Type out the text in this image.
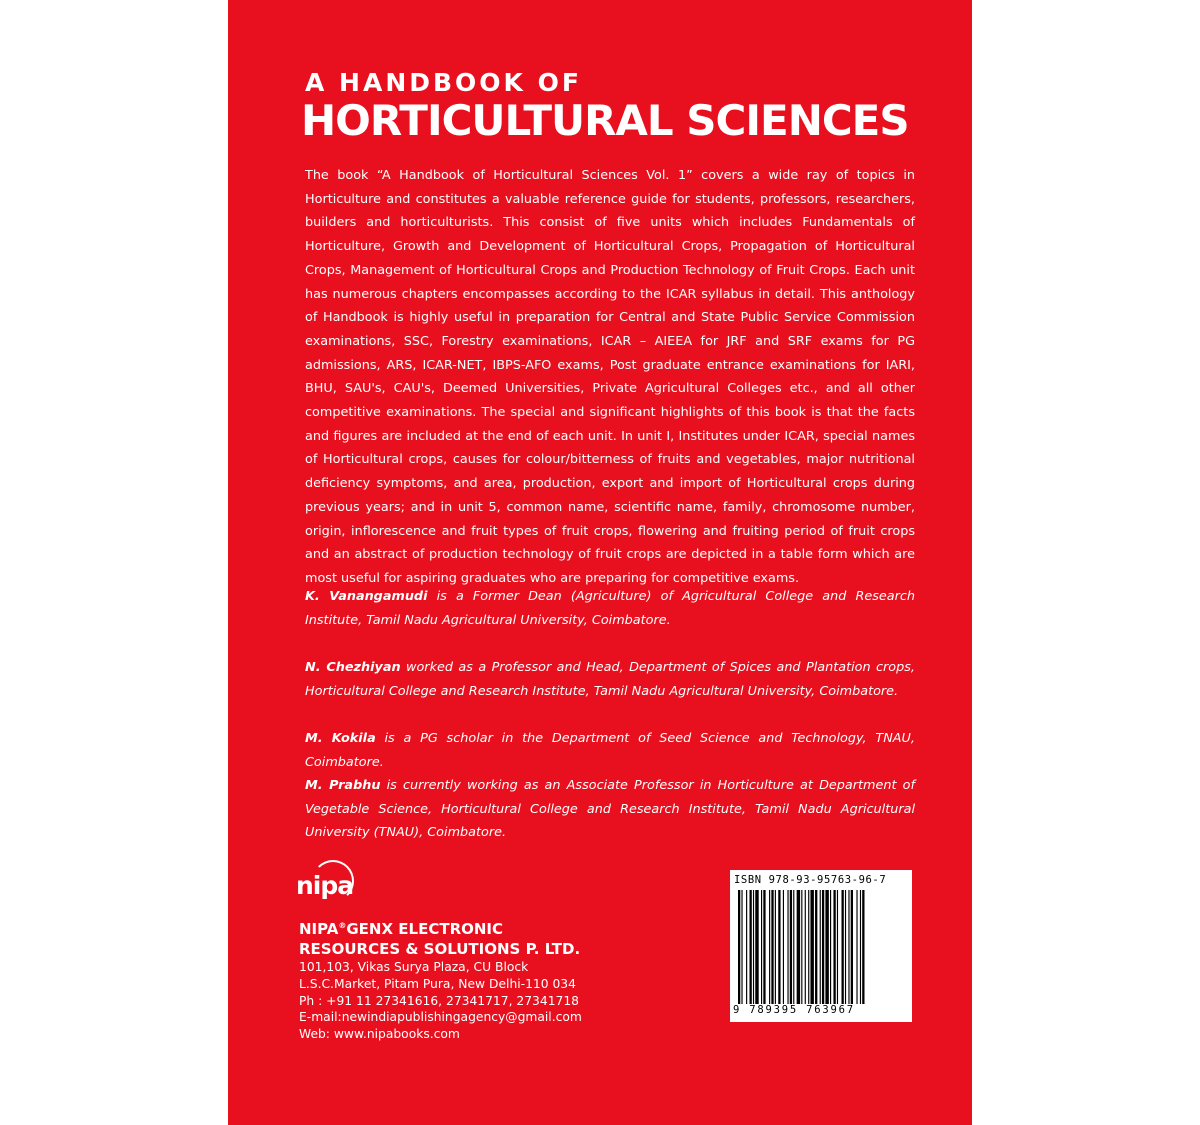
A HANDBOOK OF
HORTICULTURAL SCIENCES

The book “A Handbook of Horticultural Sciences Vol. 1” covers a wide ray of topics in Horticulture and constitutes a valuable reference guide for students, professors, researchers, builders and horticulturists. This consist of five units which includes Fundamentals of Horticulture, Growth and Development of Horticultural Crops, Propagation of Horticultural Crops, Management of Horticultural Crops and Production Technology of Fruit Crops. Each unit has numerous chapters encompasses according to the ICAR syllabus in detail. This anthology of Handbook is highly useful in preparation for Central and State Public Service Commission examinations, SSC, Forestry examinations, ICAR – AIEEA for JRF and SRF exams for PG admissions, ARS, ICAR-NET, IBPS-AFO exams, Post graduate entrance examinations for IARI, BHU, SAU's, CAU's, Deemed Universities, Private Agricultural Colleges etc., and all other competitive examinations. The special and significant highlights of this book is that the facts and figures are included at the end of each unit. In unit I, Institutes under ICAR, special names of Horticultural crops, causes for colour/bitterness of fruits and vegetables, major nutritional deficiency symptoms, and area, production, export and import of Horticultural crops during previous years; and in unit 5, common name, scientific name, family, chromosome number, origin, inflorescence and fruit types of fruit crops, flowering and fruiting period of fruit crops and an abstract of production technology of fruit crops are depicted in a table form which are most useful for aspiring graduates who are preparing for competitive exams.

K. Vanangamudi is a Former Dean (Agriculture) of Agricultural College and Research Institute, Tamil Nadu Agricultural University, Coimbatore.

N. Chezhiyan worked as a Professor and Head, Department of Spices and Plantation crops, Horticultural College and Research Institute, Tamil Nadu Agricultural University, Coimbatore.

M. Kokila is a PG scholar in the Department of Seed Science and Technology, TNAU, Coimbatore.

M. Prabhu is currently working as an Associate Professor in Horticulture at Department of Vegetable Science, Horticultural College and Research Institute, Tamil Nadu Agricultural University (TNAU), Coimbatore.

nipa
NIPA®GENX ELECTRONIC
RESOURCES & SOLUTIONS P. LTD.
101,103, Vikas Surya Plaza, CU Block
L.S.C.Market, Pitam Pura, New Delhi-110 034
Ph : +91 11 27341616, 27341717, 27341718
E-mail:newindiapublishingagency@gmail.com
Web: www.nipabooks.com
ISBN 978-93-95763-96-7
9 789395 763967
